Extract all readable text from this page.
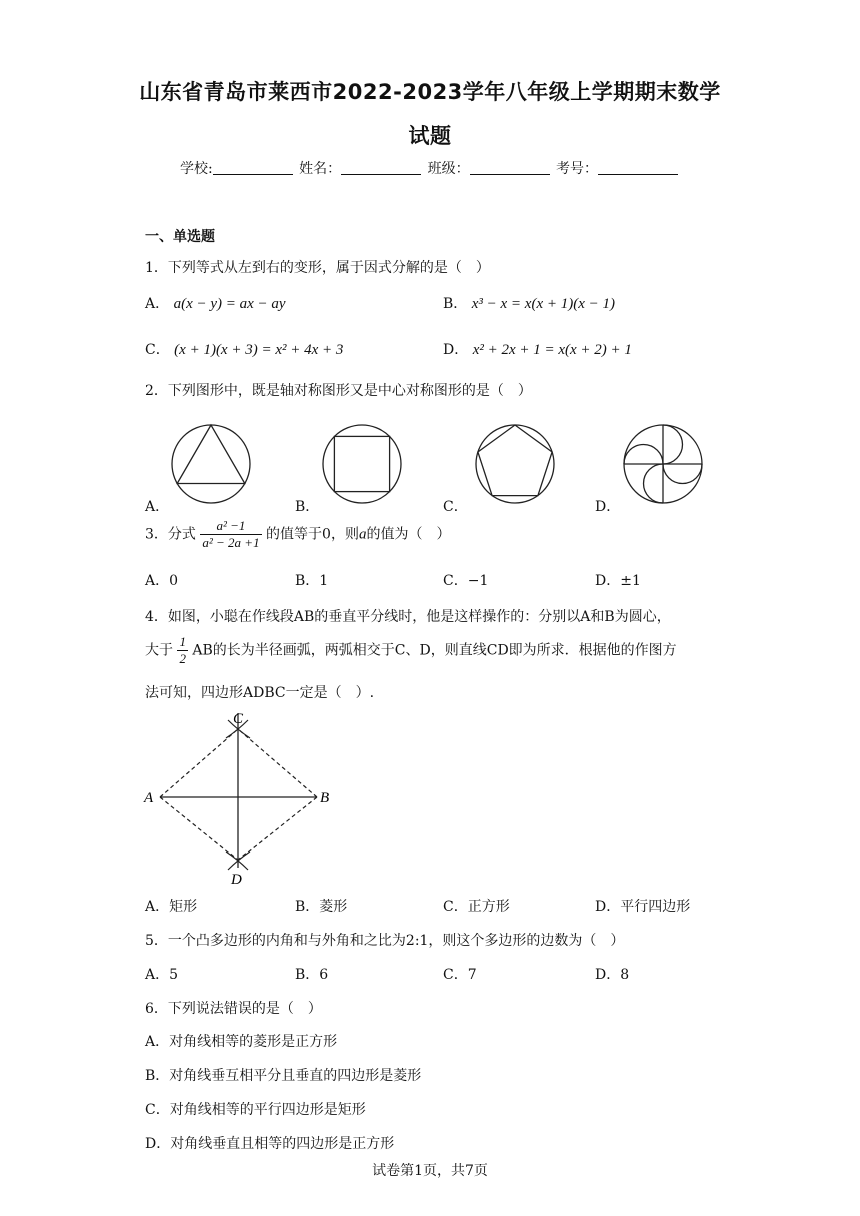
山东省青岛市莱西市2022-2023学年八年级上学期期末数学
试题
学校:	姓名：	班级：	考号：
一、单选题
1．下列等式从左到右的变形，属于因式分解的是（　）
A． a(x − y) = ax − ay	B． x³ − x = x(x + 1)(x − 1)
C． (x + 1)(x + 3) = x² + 4x + 3	D． x² + 2x + 1 = x(x + 2) + 1
2．下列图形中，既是轴对称图形又是中心对称图形的是（　）
A．	B．	C．	D．
3．分式 $\frac{\text{a² −1}}{\text{a² − 2a +1}}$ 的值等于0，则a的值为（　）
A．0	B．1	C．−1	D．±1
4．如图，小聪在作线段AB的垂直平分线时，他是这样操作的：分别以A和B为圆心，
大于 $\frac{1}{2}$ AB的长为半径画弧，两弧相交于C、D，则直线CD即为所求．根据他的作图方
法可知，四边形ADBC一定是（　）.
A	B
C
D
A．矩形	B．菱形	C．正方形	D．平行四边形
5．一个凸多边形的内角和与外角和之比为2:1，则这个多边形的边数为（　）
A．5	B．6	C．7	D．8
6．下列说法错误的是（　）
A．对角线相等的菱形是正方形
B．对角线垂互相平分且垂直的四边形是菱形
C．对角线相等的平行四边形是矩形
D．对角线垂直且相等的四边形是正方形
试卷第1页，共7页
